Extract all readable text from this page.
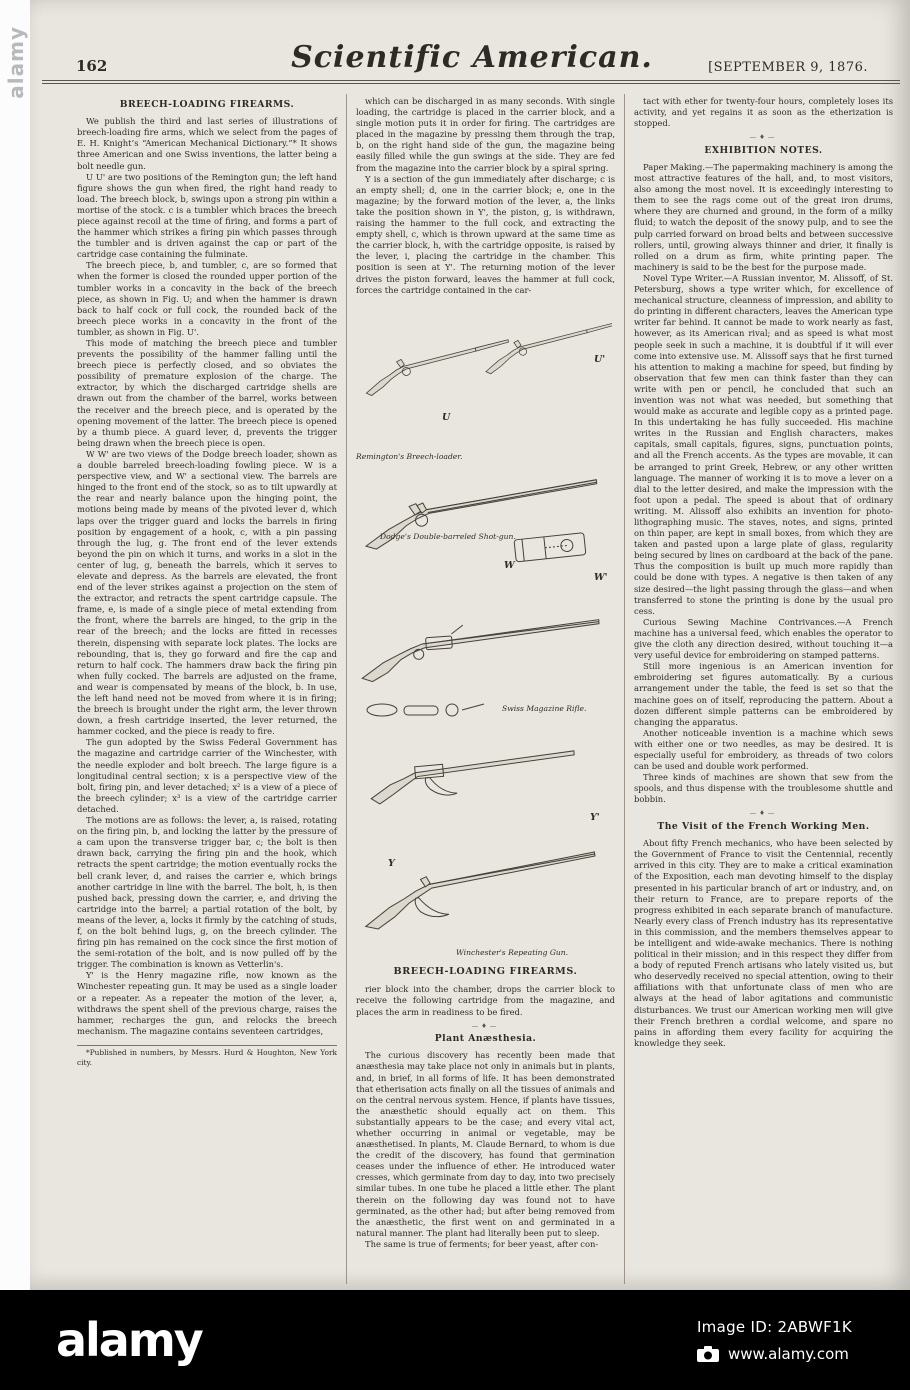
alamy	162	Scientific American.	[SEPTEMBER 9, 1876.
BREECH-LOADING FIREARMS.

We publish the third and last series of illustrations of breech-loading fire arms, which we select from the pages of E. H. Knight’s “American Mechanical Dictionary.”* It shows three American and one Swiss inventions, the latter being a bolt needle gun.

U U' are two positions of the Remington gun; the left hand figure shows the gun when fired, the right hand ready to load. The breech block, b, swings upon a strong pin within a mortise of the stock. c is a tumbler which braces the breech piece against recoil at the time of firing, and forms a part of the hammer which strikes a firing pin which passes through the tumbler and is driven against the cap or part of the cartridge case containing the fulminate.

The breech piece, b, and tumbler, c, are so formed that when the former is closed the rounded upper portion of the tumbler works in a concavity in the back of the breech piece, as shown in Fig. U; and when the hammer is drawn back to half cock or full cock, the rounded back of the breech piece works in a concavity in the front of the tumbler, as shown in Fig. U'.

This mode of matching the breech piece and tumbler prevents the possibility of the hammer falling until the breech piece is perfectly closed, and so obviates the possibility of premature explosion of the charge. The extractor, by which the discharged cartridge shells are drawn out from the chamber of the barrel, works between the receiver and the breech piece, and is operated by the opening movement of the latter. The breech piece is opened by a thumb piece. A guard lever, d, prevents the trigger being drawn when the breech piece is open.

W W' are two views of the Dodge breech loader, shown as a double barreled breech-loading fowling piece. W is a perspective view, and W' a sectional view. The barrels are hinged to the front end of the stock, so as to tilt upwardly at the rear and nearly balance upon the hinging point, the motions being made by means of the pivoted lever d, which laps over the trigger guard and locks the barrels in firing position by engagement of a hook, c, with a pin passing through the lug, g. The front end of the lever extends beyond the pin on which it turns, and works in a slot in the center of lug, g, beneath the barrels, which it serves to elevate and depress. As the barrels are elevated, the front end of the lever strikes against a projection on the stem of the extractor, and retracts the spent cartridge capsule. The frame, e, is made of a single piece of metal extending from the front, where the barrels are hinged, to the grip in the rear of the breech; and the locks are fitted in recesses therein, dispensing with separate lock plates. The locks are rebounding, that is, they go forward and fire the cap and return to half cock. The hammers draw back the firing pin when fully cocked. The barrels are adjusted on the frame, and wear is compensated by means of the block, b. In use, the left hand need not be moved from where it is in firing; the breech is brought under the right arm, the lever thrown down, a fresh cartridge inserted, the lever returned, the hammer cocked, and the piece is ready to fire.

The gun adopted by the Swiss Federal Government has the magazine and cartridge carrier of the Winchester, with the needle exploder and bolt breech. The large figure is a longitudinal central section; x is a perspective view of the bolt, firing pin, and lever detached; x² is a view of a piece of the breech cylinder; x³ is a view of the cartridge carrier detached.

The motions are as follows: the lever, a, is raised, rotating on the firing pin, b, and locking the latter by the pressure of a cam upon the transverse trigger bar, c; the bolt is then drawn back, carrying the firing pin and the hook, which retracts the spent cartridge; the motion eventually rocks the bell crank lever, d, and raises the carrier e, which brings another cartridge in line with the barrel. The bolt, h, is then pushed back, pressing down the carrier, e, and driving the cartridge into the barrel; a partial rotation of the bolt, by means of the lever, a, locks it firmly by the catching of studs, f, on the bolt behind lugs, g, on the breech cylinder. The firing pin has remained on the cock since the first motion of the semi-rotation of the bolt, and is now pulled off by the trigger. The combination is known as Vetterlin's.

Y' is the Henry magazine rifle, now known as the Winchester repeating gun. It may be used as a single loader or a repeater. As a repeater the motion of the lever, a, withdraws the spent shell of the previous charge, raises the hammer, recharges the gun, and relocks the breech mechanism. The magazine contains seventeen cartridges,

*Published in numbers, by Messrs. Hurd & Houghton, New York city.

which can be discharged in as many seconds. With single loading, the cartridge is placed in the carrier block, and a single motion puts it in order for firing. The cartridges are placed in the magazine by pressing them through the trap, b, on the right hand side of the gun, the magazine being easily filled while the gun swings at the side. They are fed from the magazine into the carrier block by a spiral spring.

Y is a section of the gun immediately after discharge; c is an empty shell; d, one in the carrier block; e, one in the magazine; by the forward motion of the lever, a, the links take the position shown in Y', the piston, g, is withdrawn, raising the hammer to the full cock, and extracting the empty shell, c, which is thrown upward at the same time as the carrier block, h, with the cartridge opposite, is raised by the lever, i, placing the cartridge in the chamber. This position is seen at Y'. The returning motion of the lever drives the piston forward, leaves the hammer at full cock, forces the cartridge contained in the car-

U
U'
W
W'
Y
Y'
Remington's Breech-loader.
Dodge's Double-barreled Shot-gun.
Swiss Magazine Rifle.
Winchester's Repeating Gun.
BREECH-LOADING FIREARMS.

rier block into the chamber, drops the carrier block to receive the following cartridge from the magazine, and places the arm in readiness to be fired.

—♦—
Plant Anæsthesia.

The curious discovery has recently been made that anæsthesia may take place not only in animals but in plants, and, in brief, in all forms of life. It has been demonstrated that etherisation acts finally on all the tissues of animals and on the central nervous system. Hence, if plants have tissues, the anæsthetic should equally act on them. This substantially appears to be the case; and every vital act, whether occurring in animal or vegetable, may be anæsthetised. In plants, M. Claude Bernard, to whom is due the credit of the discovery, has found that germination ceases under the influence of ether. He introduced water cresses, which germinate from day to day, into two precisely similar tubes. In one tube he placed a little ether. The plant therein on the following day was found not to have germinated, as the other had; but after being removed from the anæsthetic, the first went on and germinated in a natural manner. The plant had literally been put to sleep.

The same is true of ferments; for beer yeast, after con-

tact with ether for twenty-four hours, completely loses its activity, and yet regains it as soon as the etherization is stopped.

—♦—
EXHIBITION NOTES.

Paper Making.—The papermaking machinery is among the most attractive features of the hall, and, to most visitors, also among the most novel. It is exceedingly interesting to them to see the rags come out of the great iron drums, where they are churned and ground, in the form of a milky fluid; to watch the deposit of the snowy pulp, and to see the pulp carried forward on broad belts and between successive rollers, until, growing always thinner and drier, it finally is rolled on a drum as firm, white printing paper. The machinery is said to be the best for the purpose made.

Novel Type Writer.—A Russian inventor, M. Alissoff, of St. Petersburg, shows a type writer which, for excellence of mechanical structure, cleanness of impression, and ability to do printing in different characters, leaves the American type writer far behind. It cannot be made to work nearly as fast, however, as its American rival; and as speed is what most people seek in such a machine, it is doubtful if it will ever come into extensive use. M. Alissoff says that he first turned his attention to making a machine for speed, but finding by observation that few men can think faster than they can write with pen or pencil, he concluded that such an invention was not what was needed, but something that would make as accurate and legible copy as a printed page. In this undertaking he has fully succeeded. His machine writes in the Russian and English characters, makes capitals, small capitals, figures, signs, punctuation points, and all the French accents. As the types are movable, it can be arranged to print Greek, Hebrew, or any other written language. The manner of working it is to move a lever on a dial to the letter desired, and make the impression with the foot upon a pedal. The speed is about that of ordinary writing. M. Alissoff also exhibits an invention for photo-lithographing music. The staves, notes, and signs, printed on thin paper, are kept in small boxes, from which they are taken and pasted upon a large plate of glass, regularity being secured by lines on cardboard at the back of the pane. Thus the composition is built up much more rapidly than could be done with types. A negative is then taken of any size desired—the light passing through the glass—and when transferred to stone the printing is done by the usual pro cess.

Curious Sewing Machine Contrivances.—A French machine has a universal feed, which enables the operator to give the cloth any direction desired, without touching it—a very useful device for embroidering on stamped patterns.

Still more ingenious is an American invention for embroidering set figures automatically. By a curious arrangement under the table, the feed is set so that the machine goes on of itself, reproducing the pattern. About a dozen different simple patterns can be embroidered by changing the apparatus.

Another noticeable invention is a machine which sews with either one or two needles, as may be desired. It is especially useful for embroidery, as threads of two colors can be used and double work performed.

Three kinds of machines are shown that sew from the spools, and thus dispense with the troublesome shuttle and bobbin.

—♦—
The Visit of the French Working Men.

About fifty French mechanics, who have been selected by the Government of France to visit the Centennial, recently arrived in this city. They are to make a critical examination of the Exposition, each man devoting himself to the display presented in his particular branch of art or industry, and, on their return to France, are to prepare reports of the progress exhibited in each separate branch of manufacture. Nearly every class of French industry has its representative in this commission, and the members themselves appear to be intelligent and wide-awake mechanics. There is nothing political in their mission; and in this respect they differ from a body of reputed French artisans who lately visited us, but who deservedly received no special attention, owing to their affiliations with that unfortunate class of men who are always at the head of labor agitations and communistic disturbances. We trust our American working men will give their French brethren a cordial welcome, and spare no pains in affording them every facility for acquiring the knowledge they seek.

alamy	Image ID: 2ABWF1K
www.alamy.com
